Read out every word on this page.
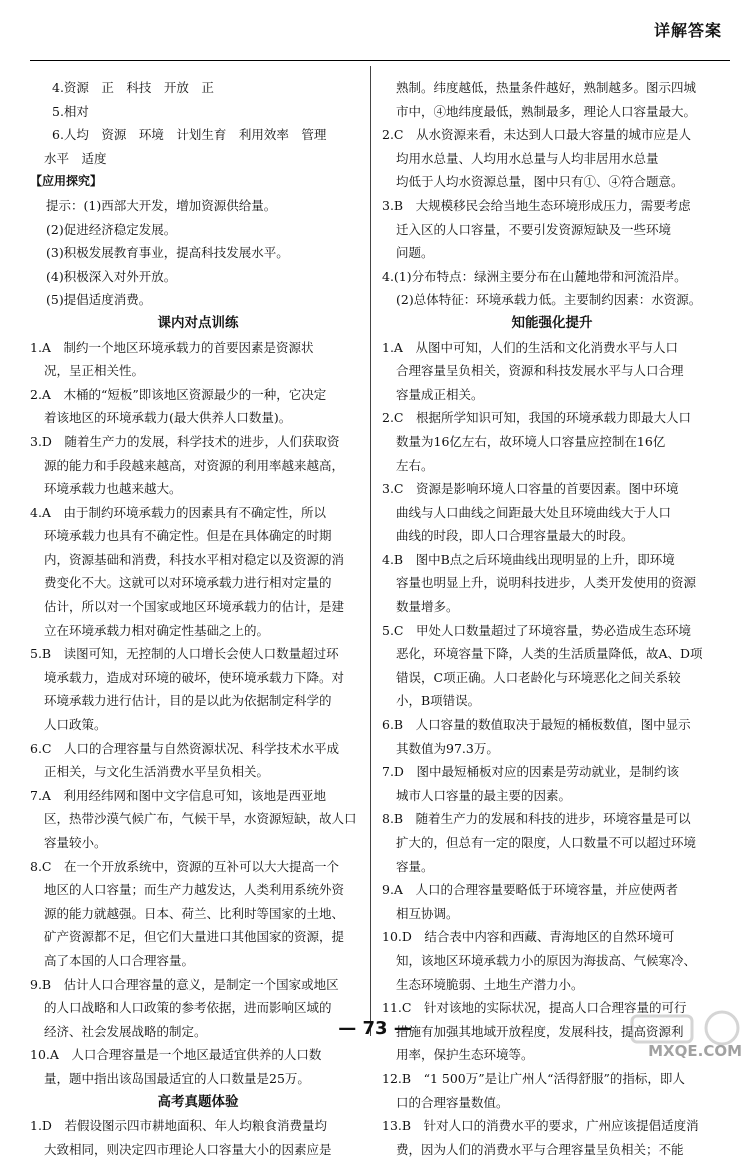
详解答案
4.资源　正　科技　开放　正
5.相对
6.人均　资源　环境　计划生育　利用效率　管理
水平　适度
【应用探究】
提示：(1)西部大开发，增加资源供给量。
(2)促进经济稳定发展。
(3)积极发展教育事业，提高科技发展水平。
(4)积极深入对外开放。
(5)提倡适度消费。
课内对点训练
1.A　制约一个地区环境承载力的首要因素是资源状
况，呈正相关性。
2.A　木桶的“短板”即该地区资源最少的一种，它决定
着该地区的环境承载力(最大供养人口数量)。
3.D　随着生产力的发展，科学技术的进步，人们获取资
源的能力和手段越来越高，对资源的利用率越来越高，
环境承载力也越来越大。
4.A　由于制约环境承载力的因素具有不确定性，所以
环境承载力也具有不确定性。但是在具体确定的时期
内，资源基础和消费，科技水平相对稳定以及资源的消
费变化不大。这就可以对环境承载力进行相对定量的
估计，所以对一个国家或地区环境承载力的估计，是建
立在环境承载力相对确定性基础之上的。
5.B　读图可知，无控制的人口增长会使人口数量超过环
境承载力，造成对环境的破坏，使环境承载力下降。对
环境承载力进行估计，目的是以此为依据制定科学的
人口政策。
6.C　人口的合理容量与自然资源状况、科学技术水平成
正相关，与文化生活消费水平呈负相关。
7.A　利用经纬网和图中文字信息可知，该地是西亚地
区，热带沙漠气候广布，气候干旱，水资源短缺，故人口
容量较小。
8.C　在一个开放系统中，资源的互补可以大大提高一个
地区的人口容量；而生产力越发达，人类利用系统外资
源的能力就越强。日本、荷兰、比利时等国家的土地、
矿产资源都不足，但它们大量进口其他国家的资源，提
高了本国的人口合理容量。
9.B　估计人口合理容量的意义，是制定一个国家或地区
的人口战略和人口政策的参考依据，进而影响区域的
经济、社会发展战略的制定。
10.A　人口合理容量是一个地区最适宜供养的人口数
量，题中指出该岛国最适宜的人口数量是25万。
高考真题体验
1.D　若假设图示四市耕地面积、年人均粮食消费量均
大致相同，则决定四市理论人口容量大小的因素应是
熟制。纬度越低，热量条件越好，熟制越多。图示四城
市中，④地纬度最低，熟制最多，理论人口容量最大。
2.C　从水资源来看，未达到人口最大容量的城市应是人
均用水总量、人均用水总量与人均非居用水总量
均低于人均水资源总量，图中只有①、④符合题意。
3.B　大规模移民会给当地生态环境形成压力，需要考虑
迁入区的人口容量，不要引发资源短缺及一些环境
问题。
4.(1)分布特点：绿洲主要分布在山麓地带和河流沿岸。
(2)总体特征：环境承载力低。主要制约因素：水资源。
知能强化提升
1.A　从图中可知，人们的生活和文化消费水平与人口
合理容量呈负相关，资源和科技发展水平与人口合理
容量成正相关。
2.C　根据所学知识可知，我国的环境承载力即最大人口
数量为16亿左右，故环境人口容量应控制在16亿
左右。
3.C　资源是影响环境人口容量的首要因素。图中环境
曲线与人口曲线之间距最大处且环境曲线大于人口
曲线的时段，即人口合理容量最大的时段。
4.B　图中B点之后环境曲线出现明显的上升，即环境
容量也明显上升，说明科技进步，人类开发使用的资源
数量增多。
5.C　甲处人口数量超过了环境容量，势必造成生态环境
恶化，环境容量下降，人类的生活质量降低，故A、D项
错误，C项正确。人口老龄化与环境恶化之间关系较
小，B项错误。
6.B　人口容量的数值取决于最短的桶板数值，图中显示
其数值为97.3万。
7.D　图中最短桶板对应的因素是劳动就业，是制约该
城市人口容量的最主要的因素。
8.B　随着生产力的发展和科技的进步，环境容量是可以
扩大的，但总有一定的限度，人口数量不可以超过环境
容量。
9.A　人口的合理容量要略低于环境容量，并应使两者
相互协调。
10.D　结合表中内容和西藏、青海地区的自然环境可
知，该地区环境承载力小的原因为海拔高、气候寒冷、
生态环境脆弱、土地生产潜力小。
11.C　针对该地的实际状况，提高人口合理容量的可行
措施有加强其地域开放程度，发展科技，提高资源利
用率，保护生态环境等。
12.B　“1 500万”是让广州人“活得舒服”的指标，即人
口的合理容量数值。
13.B　针对人口的消费水平的要求，广州应该提倡适度消
费，因为人们的消费水平与合理容量呈负相关；不能
— 73 —
MXQE.COM
